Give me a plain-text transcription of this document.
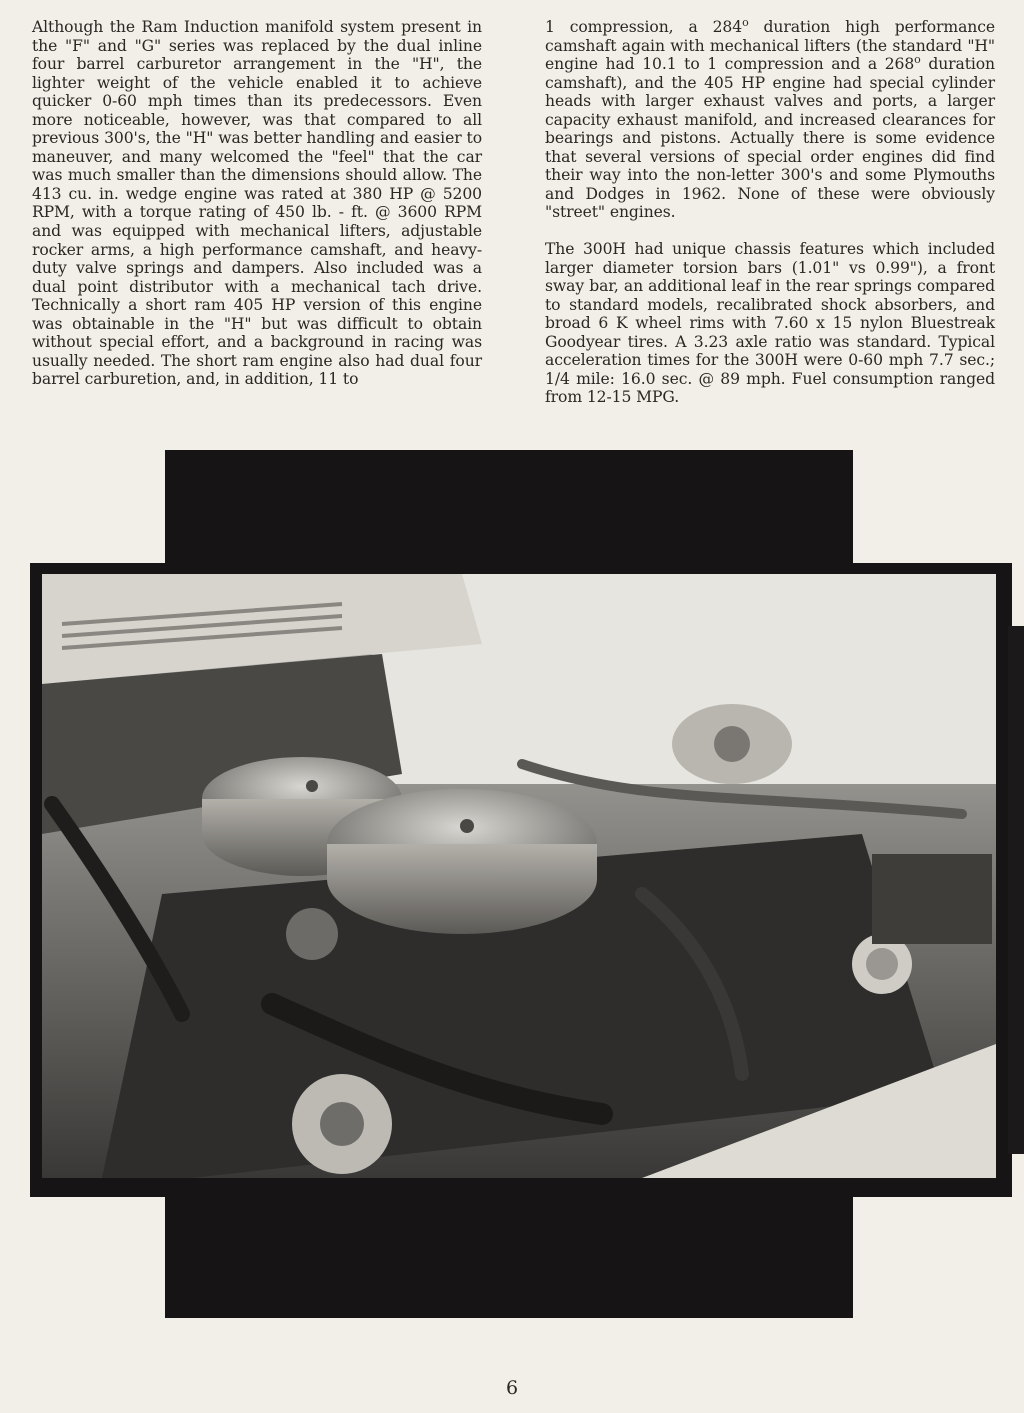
Although the Ram Induction manifold system present in the "F" and "G" series was replaced by the dual inline four barrel carburetor arrangement in the "H", the lighter weight of the vehicle enabled it to achieve quicker 0-60 mph times than its predecessors. Even more noticeable, however, was that compared to all previous 300's, the "H" was better handling and easier to maneuver, and many welcomed the "feel" that the car was much smaller than the dimensions should allow. The 413 cu. in. wedge engine was rated at 380 HP @ 5200 RPM, with a torque rating of 450 lb. - ft. @ 3600 RPM and was equipped with mechanical lifters, adjustable rocker arms, a high performance camshaft, and heavy-duty valve springs and dampers. Also included was a dual point distributor with a mechanical tach drive. Technically a short ram 405 HP version of this engine was obtainable in the "H" but was difficult to obtain without special effort, and a background in racing was usually needed. The short ram engine also had dual four barrel carburetion, and, in addition, 11 to

1 compression, a 284$^o$ duration high performance camshaft again with mechanical lifters (the standard "H" engine had 10.1 to 1 compression and a 268$^o$ duration camshaft), and the 405 HP engine had special cylinder heads with larger exhaust valves and ports, a larger capacity exhaust manifold, and increased clearances for bearings and pistons. Actually there is some evidence that several versions of special order engines did find their way into the non-letter 300's and some Plymouths and Dodges in 1962. None of these were obviously "street" engines.

The 300H had unique chassis features which included larger diameter torsion bars (1.01" vs 0.99"), a front sway bar, an additional leaf in the rear springs compared to standard models, recalibrated shock absorbers, and broad 6 K wheel rims with 7.60 x 15 nylon Bluestreak Goodyear tires. A 3.23 axle ratio was standard. Typical acceleration times for the 300H were 0-60 mph 7.7 sec.; 1/4 mile: 16.0 sec. @ 89 mph. Fuel consumption ranged from 12-15 MPG.

6
